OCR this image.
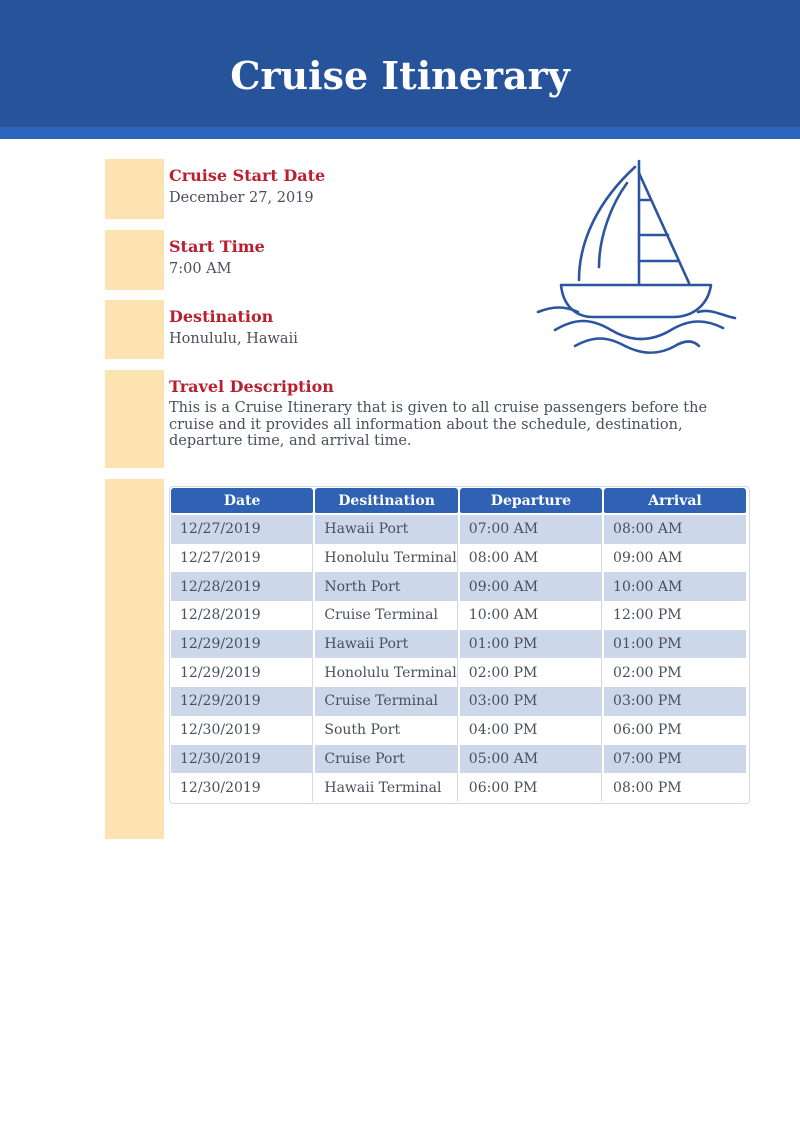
Cruise Itinerary
Cruise Start Date
December 27, 2019
Start Time
7:00 AM
Destination
Honululu, Hawaii
Travel Description
This is a Cruise Itinerary that is given to all cruise passengers before the cruise and it provides all information about the schedule, destination, departure time, and arrival time.
Date	Desitination	Departure	Arrival
12/27/2019	Hawaii Port	07:00 AM	08:00 AM
12/27/2019	Honolulu Terminal	08:00 AM	09:00 AM
12/28/2019	North Port	09:00 AM	10:00 AM
12/28/2019	Cruise Terminal	10:00 AM	12:00 PM
12/29/2019	Hawaii Port	01:00 PM	01:00 PM
12/29/2019	Honolulu Terminal	02:00 PM	02:00 PM
12/29/2019	Cruise Terminal	03:00 PM	03:00 PM
12/30/2019	South Port	04:00 PM	06:00 PM
12/30/2019	Cruise Port	05:00 AM	07:00 PM
12/30/2019	Hawaii Terminal	06:00 PM	08:00 PM
